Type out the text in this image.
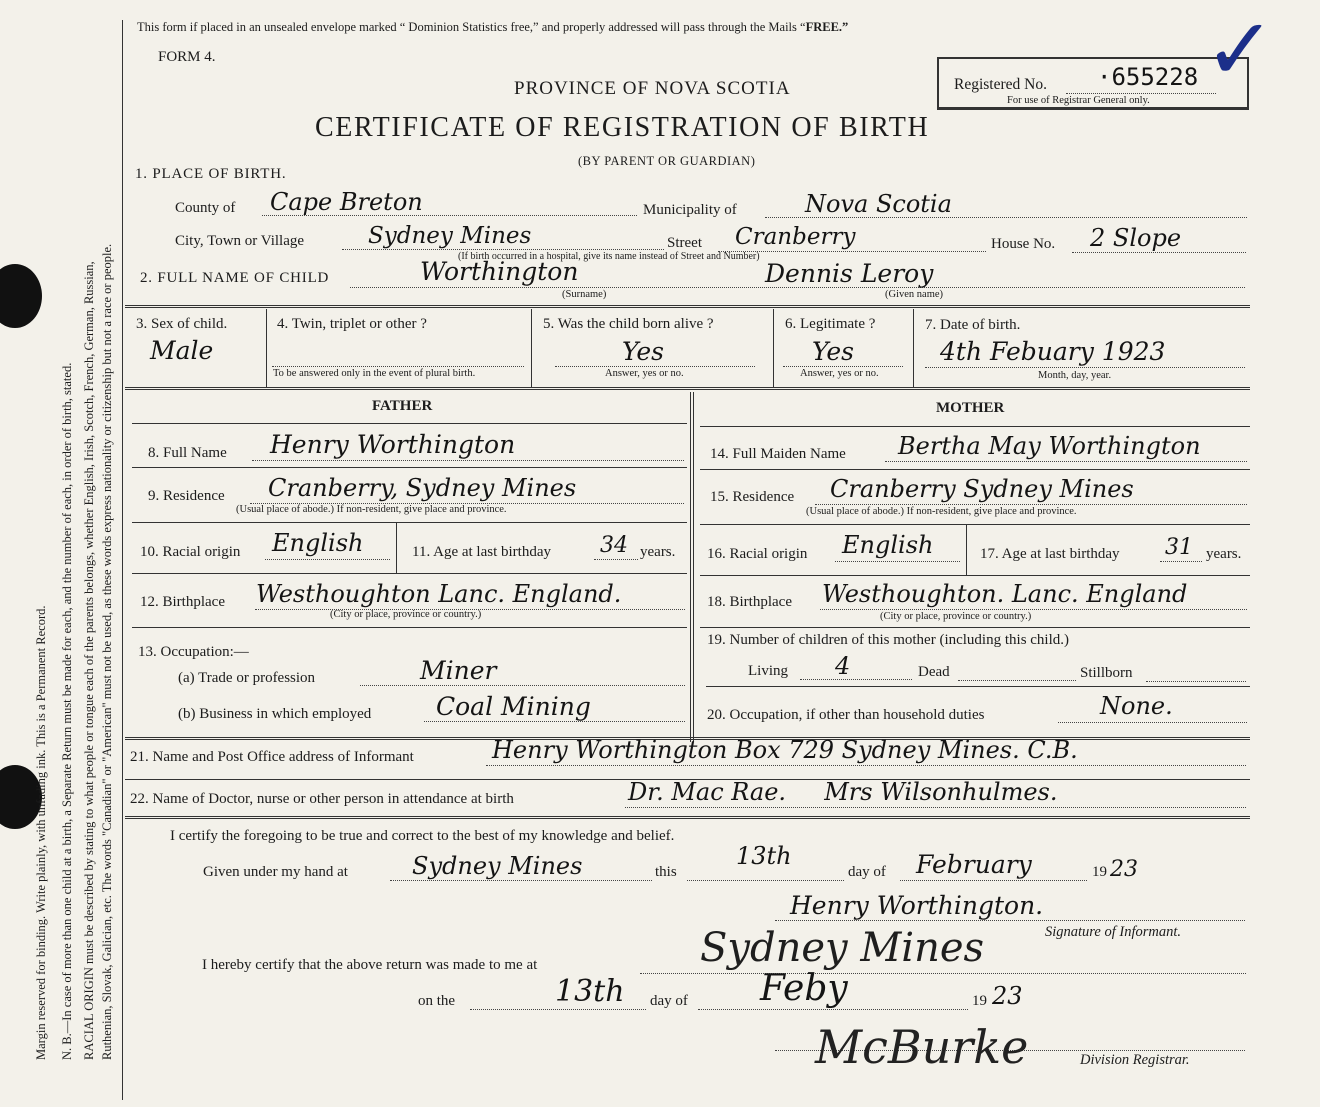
Margin reserved for binding. Write plainly, with unfading ink. This is a Permanent Record. N. B.—In case of more than one child at a birth, a Separate Return must be made for each, and the number of each, in order of birth, stated. RACIAL ORIGIN must be described by stating to what people or tongue each of the parents belongs, whether English, Irish, Scotch, French, German, Russian, Ruthenian, Slovak, Galician, etc. The words "Canadian" or "American" must not be used, as these words express nationality or citizenship but not a race or people.
This form if placed in an unsealed envelope marked “ Dominion Statistics free,” and properly addressed will pass through the Mails “FREE.”
FORM 4.
PROVINCE OF NOVA SCOTIA
CERTIFICATE OF REGISTRATION OF BIRTH
(BY PARENT OR GUARDIAN)
Registered No. ·655228
For use of Registrar General only.
✓
1. PLACE OF BIRTH.
County of Cape Breton	Municipality of	Nova Scotia
City, Town or Village	Sydney Mines	Street Cranberry	House No. 2 Slope
(If birth occurred in a hospital, give its name instead of Street and Number)
2. FULL NAME OF CHILD	Worthington	Dennis Leroy
(Surname)	(Given name)
3. Sex of child.
Male
4. Twin, triplet or other ?
To be answered only in the event of plural birth.
5. Was the child born alive ?
Yes
Answer, yes or no.
6. Legitimate ?
Yes
Answer, yes or no.
7. Date of birth.
4th Febuary 1923
Month, day, year.
FATHER	MOTHER
8. Full Name Henry Worthington
9. Residence Cranberry, Sydney Mines
(Usual place of abode.) If non-resident, give place and province.
10. Racial origin English	11. Age at last birthday 34 years.
12. Birthplace Westhoughton Lanc. England.
(City or place, province or country.)
13. Occupation:—
(a) Trade or profession	Miner
(b) Business in which employed	Coal Mining
14. Full Maiden Name Bertha May Worthington
15. Residence Cranberry Sydney Mines
(Usual place of abode.) If non-resident, give place and province.
16. Racial origin English	17. Age at last birthday 31 years.
18. Birthplace Westhoughton. Lanc. England
(City or place, province or country.)
19. Number of children of this mother (including this child.)
Living 4	Dead	Stillborn
20. Occupation, if other than household duties	None.
21. Name and Post Office address of Informant	Henry Worthington Box 729 Sydney Mines. C.B.
22. Name of Doctor, nurse or other person in attendance at birth	Dr. Mac Rae.     Mrs Wilsonhulmes.
I certify the foregoing to be true and correct to the best of my knowledge and belief.
Given under my hand at	Sydney Mines	this
13th
day of February	19 23
Henry Worthington.
Signature of Informant.
I hereby certify that the above return was made to me at	Sydney Mines
on the	13th day of Feby	19 23
McBurke	Division Registrar.
